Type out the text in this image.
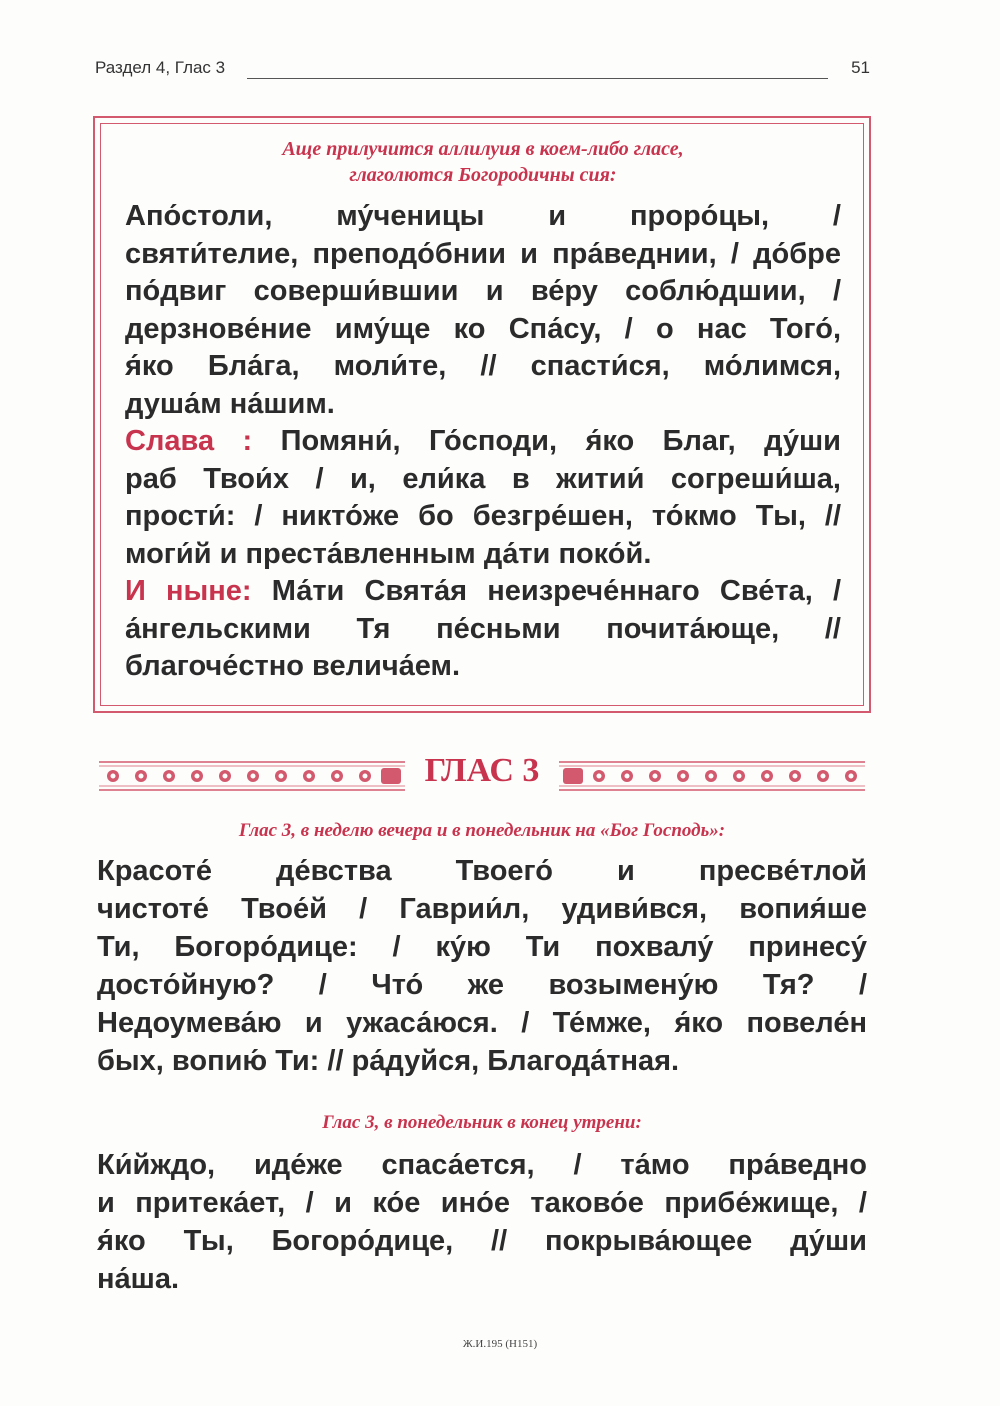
Раздел 4, Глас 3	51
Аще прилучится аллилуия в коем-либо гласе,
глаголются Богородичны сия:
Апо́столи, му́ченицы и проро́цы, /
святи́телие, преподо́бнии и пра́веднии, / до́бре
по́двиг соверши́вшии и ве́ру соблю́дшии, /
дерзнове́ние иму́ще ко Спа́су, / о нас Того́,
я́ко Бла́га, моли́те, // спасти́ся, мо́лимся,
душа́м на́шим.
Слава : Помяни́, Го́споди, я́ко Благ, ду́ши
раб Твои́х / и, ели́ка в житии́ согреши́ша,
прости́: / никто́же бо безгре́шен, то́кмо Ты, //
моги́й и преста́вленным да́ти поко́й.
И ныне: Ма́ти Свята́я неизрече́ннаго Све́та, /
а́нгельскими Тя пе́сньми почита́юще, //
благоче́стно велича́ем.
ГЛАС 3
Глас 3, в неделю вечера и в понедельник на «Бог Господь»:
Красоте́ де́вства Твоего́ и пресве́тлой
чистоте́ Твое́й / Гаврии́л, удиви́вся, вопия́ше
Ти, Богоро́дице: / ку́ю Ти похвалу́ принесу́
досто́йную? / Что́ же возымену́ю Тя? /
Недоумева́ю и ужаса́юся. / Те́мже, я́ко повеле́н
бых, вопию́ Ти: // ра́дуйся, Благода́тная.
Глас 3, в понедельник в конец утрени:
Ки́йждо, иде́же спаса́ется, / та́мо пра́ведно
и притека́ет, / и ко́е ино́е таково́е прибе́жище, /
я́ко Ты, Богоро́дице, // покрыва́ющее ду́ши
на́ша.
Ж.И.195 (Н151)
